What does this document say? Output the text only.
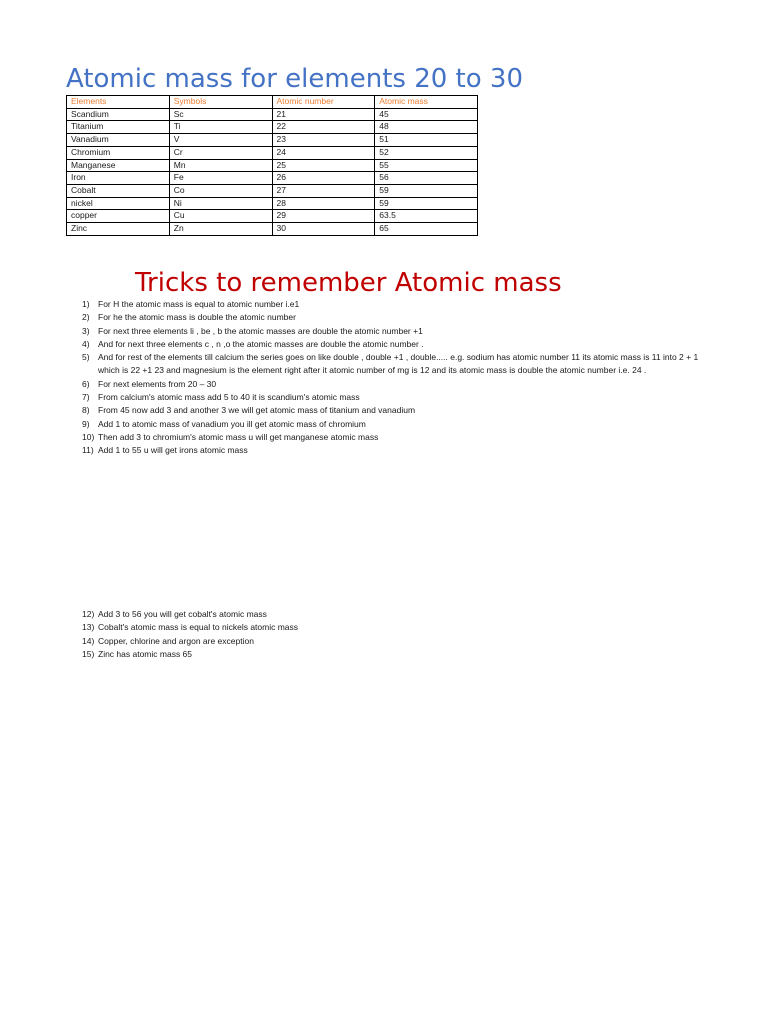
Atomic mass for elements 20 to 30
Elements	Symbols	Atomic number	Atomic mass
Scandium	Sc	21	45
Titanium	Ti	22	48
Vanadium	V	23	51
Chromium	Cr	24	52
Manganese	Mn	25	55
Iron	Fe	26	56
Cobalt	Co	27	59
nickel	Ni	28	59
copper	Cu	29	63.5
Zinc	Zn	30	65
Tricks to remember Atomic mass
1) For H the atomic mass is equal to atomic number i.e1
2) For he the atomic mass is double the atomic number
3) For next three elements li , be , b the atomic masses are double the atomic number +1
4) And for next three elements c , n ,o the atomic masses are double the atomic number .
5) And for rest of the elements till calcium the series goes on like double , double +1 , double..... e.g. sodium has atomic number 11 its atomic mass is 11 into 2 + 1 which is 22 +1 23 and magnesium is the element right after it atomic number of mg is 12 and its atomic mass is double the atomic number i.e. 24 .
6) For next elements from 20 – 30
7) From calcium's atomic mass add 5 to 40 it is scandium's atomic mass
8) From 45 now add 3 and another 3 we will get atomic mass of titanium and vanadium
9) Add 1 to atomic mass of vanadium you ill get atomic mass of chromium
10) Then add 3 to chromium's atomic mass u will get manganese atomic mass
11) Add 1 to 55 u will get irons atomic mass
12) Add 3 to 56 you will get cobalt's atomic mass
13) Cobalt's atomic mass is equal to nickels atomic mass
14) Copper, chlorine and argon are exception
15) Zinc has atomic mass 65
